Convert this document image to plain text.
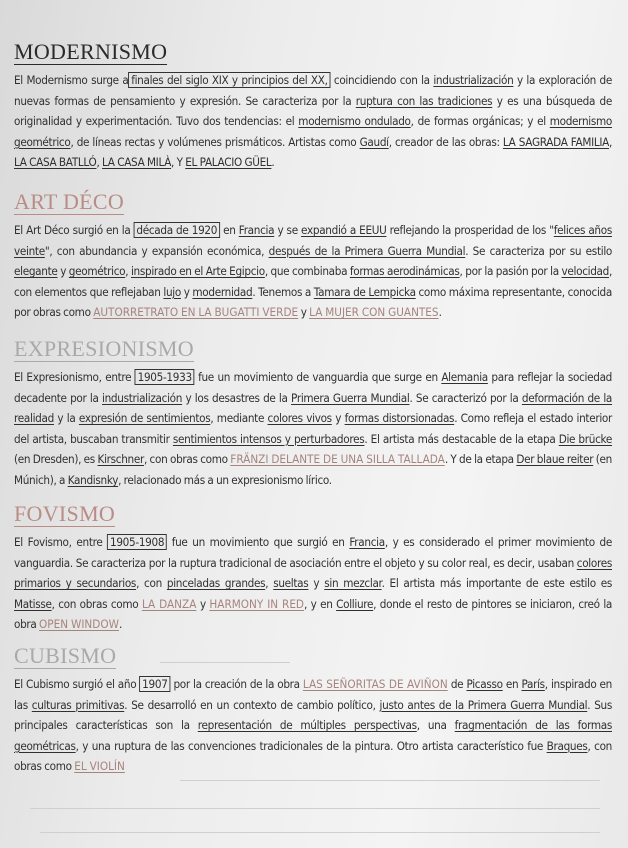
MODERNISMO
El Modernismo surge a finales del siglo XIX y principios del XX, coincidiendo con la industrialización y la exploración de nuevas formas de pensamiento y expresión. Se caracteriza por la ruptura con las tradiciones y es una búsqueda de originalidad y experimentación. Tuvo dos tendencias: el modernismo ondulado, de formas orgánicas; y el modernismo geométrico, de líneas rectas y volúmenes prismáticos. Artistas como Gaudí, creador de las obras: LA SAGRADA FAMILIA, LA CASA BATLLÓ, LA CASA MILÀ, Y EL PALACIO GÜEL.
ART DÉCO
El Art Déco surgió en la década de 1920 en Francia y se expandió a EEUU reflejando la prosperidad de los "felices años veinte", con abundancia y expansión económica, después de la Primera Guerra Mundial. Se caracteriza por su estilo elegante y geométrico, inspirado en el Arte Egipcio, que combinaba formas aerodinámicas, por la pasión por la velocidad, con elementos que reflejaban lujo y modernidad. Tenemos a Tamara de Lempicka como máxima representante, conocida por obras como AUTORRETRATO EN LA BUGATTI VERDE y LA MUJER CON GUANTES.
EXPRESIONISMO
El Expresionismo, entre 1905-1933 fue un movimiento de vanguardia que surge en Alemania para reflejar la sociedad decadente por la industrialización y los desastres de la Primera Guerra Mundial. Se caracterizó por la deformación de la realidad y la expresión de sentimientos, mediante colores vivos y formas distorsionadas. Como refleja el estado interior del artista, buscaban transmitir sentimientos intensos y perturbadores. El artista más destacable de la etapa Die brücke (en Dresden), es Kirschner, con obras como FRÄNZI DELANTE DE UNA SILLA TALLADA. Y de la etapa Der blaue reiter (en Múnich), a Kandisnky, relacionado más a un expresionismo lírico.
FOVISMO
El Fovismo, entre 1905-1908 fue un movimiento que surgió en Francia, y es considerado el primer movimiento de vanguardia. Se caracteriza por la ruptura tradicional de asociación entre el objeto y su color real, es decir, usaban colores primarios y secundarios, con pinceladas grandes, sueltas y sin mezclar. El artista más importante de este estilo es Matisse, con obras como LA DANZA y HARMONY IN RED, y en Colliure, donde el resto de pintores se iniciaron, creó la obra OPEN WINDOW.
CUBISMO
El Cubismo surgió el año 1907 por la creación de la obra LAS SEÑORITAS DE AVIÑON de Picasso en París, inspirado en las culturas primitivas. Se desarrolló en un contexto de cambio político, justo antes de la Primera Guerra Mundial. Sus principales características son la representación de múltiples perspectivas, una fragmentación de las formas geométricas, y una ruptura de las convenciones tradicionales de la pintura. Otro artista característico fue Braques, con obras como EL VIOLÍN
